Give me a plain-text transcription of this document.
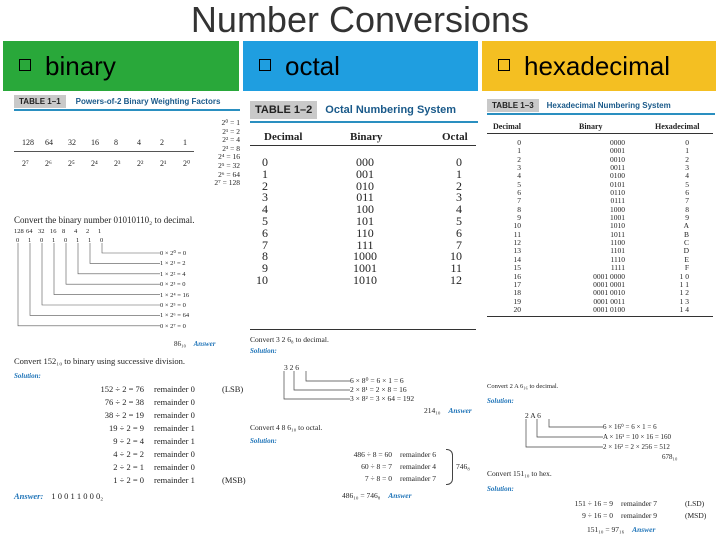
Number Conversions
binary	octal	hexadecimal
TABLE 1–1	Powers-of-2 Binary Weighting Factors
128 64 32 16 8 4 2 1
2⁷ 2⁶ 2⁵ 2⁴ 2³ 2² 2¹ 2⁰
2⁰ = 1
2¹ = 2
2² = 4
2³ = 8
2⁴ = 16
2⁵ = 32
2⁶ = 64
2⁷ = 128
Convert the binary number 01010110₂ to decimal.
128 64 32 16 8 4 2 1
0 1 0 1 0 1 1 0
0 × 2⁰ = 0
1 × 2¹ = 2
1 × 2² = 4
0 × 2³ = 0
1 × 2⁴ = 16
0 × 2⁵ = 0
1 × 2⁶ = 64
0 × 2⁷ = 0
86₁₀ Answer
Convert 152₁₀ to binary using successive division.
Solution:
152 ÷ 2 = 76 remainder 0	(LSB)
76 ÷ 2 = 38 remainder 0
38 ÷ 2 = 19 remainder 0
19 ÷ 2 = 9 remainder 1
9 ÷ 2 = 4 remainder 1
4 ÷ 2 = 2 remainder 0
2 ÷ 2 = 1 remainder 0
1 ÷ 2 = 0 remainder 1	(MSB)
Answer: 1 0 0 1 1 0 0 0₂
TABLE 1–2	Octal Numbering System
Decimal	Binary	Octal
0	000	0
1	001	1
2	010	2
3	011	3
4	100	4
5	101	5
6	110	6
7	111	7
8	1000	10
9	1001	11
10	1010	12
Convert 3 2 6₈ to decimal.
Solution:
3 2 6
6 × 8⁰ = 6 × 1 = 6
2 × 8¹ = 2 × 8 = 16
3 × 8² = 3 × 64 = 192
214₁₀ Answer
Convert 4 8 6₁₀ to octal.
Solution:
486 ÷ 8 = 60 remainder 6
60 ÷ 8 = 7 remainder 4
7 ÷ 8 = 0 remainder 7
746₈
486₁₀ = 746₈ Answer
TABLE 1–3	Hexadecimal Numbering System
Decimal	Binary	Hexadecimal
0	0000	0
1	0001	1
2	0010	2
3	0011	3
4	0100	4
5	0101	5
6	0110	6
7	0111	7
8	1000	8
9	1001	9
10	1010	A
11	1011	B
12	1100	C
13	1101	D
14	1110	E
15	1111	F
16	0001 0000	1 0
17	0001 0001	1 1
18	0001 0010	1 2
19	0001 0011	1 3
20	0001 0100	1 4
Convert 2 A 6₁₆ to decimal.
Solution:
2 A 6
6 × 16⁰ = 6 × 1 = 6
A × 16¹ = 10 × 16 = 160
2 × 16² = 2 × 256 = 512
678₁₀
Convert 151₁₀ to hex.
Solution:
151 ÷ 16 = 9 remainder 7	(LSD)
9 ÷ 16 = 0 remainder 9	(MSD)
151₁₀ = 97₁₆ Answer
